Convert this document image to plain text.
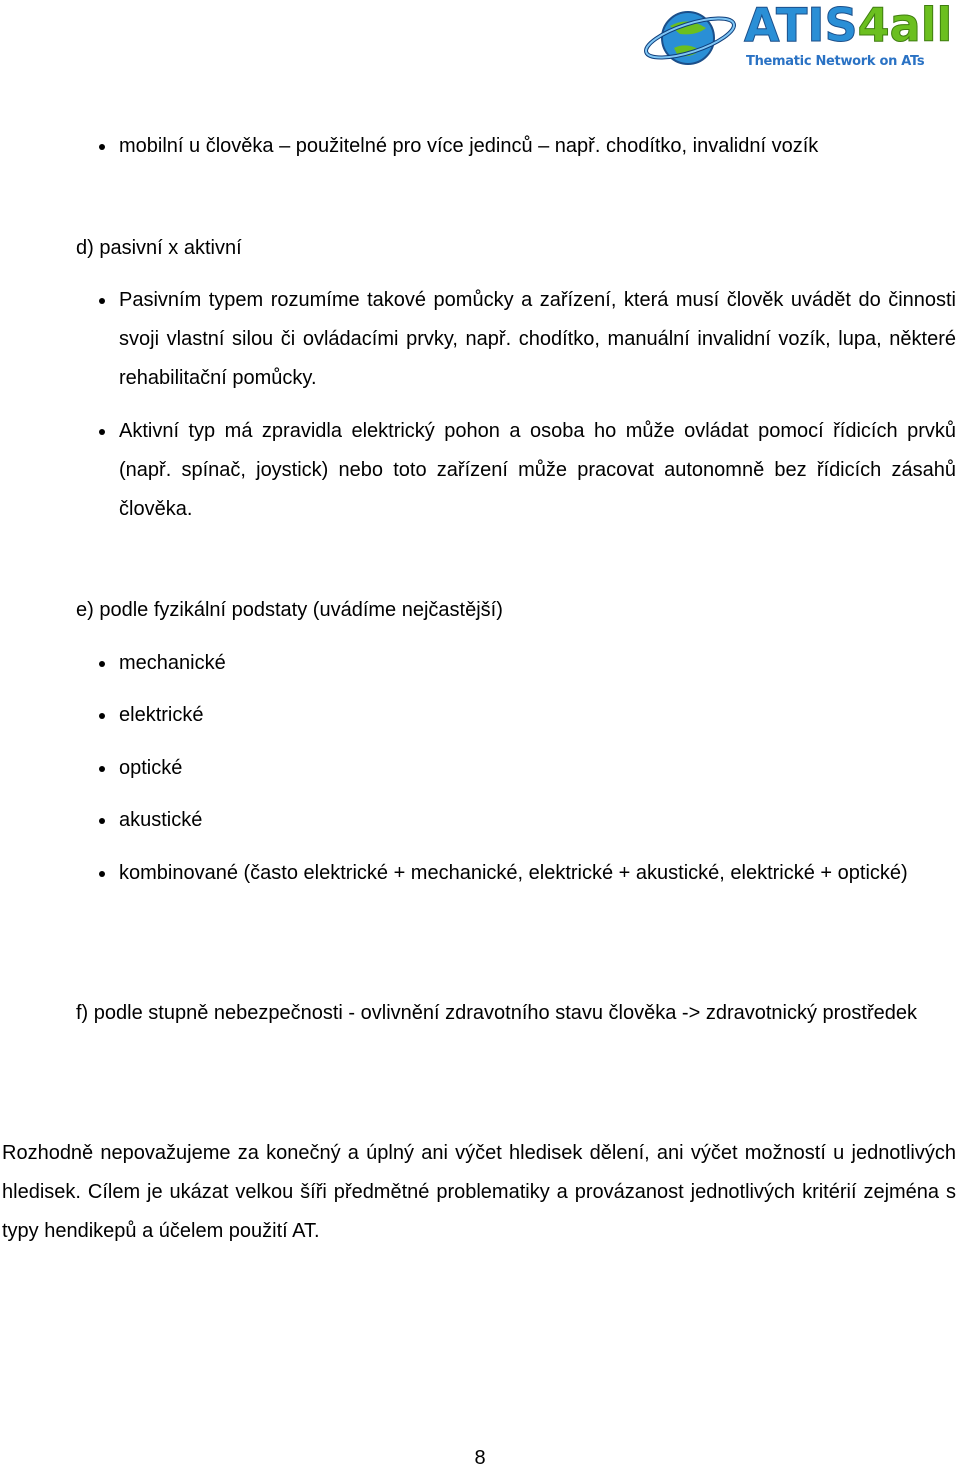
ATIS4all
Thematic Network on ATs
mobilní u člověka – použitelné pro více jedinců – např. chodítko, invalidní vozík
d) pasivní x aktivní
Pasivním typem rozumíme takové pomůcky a zařízení, která musí člověk uvádět do činnosti svoji vlastní silou či ovládacími prvky, např. chodítko, manuální invalidní vozík, lupa, některé rehabilitační pomůcky.
Aktivní typ má zpravidla elektrický pohon a osoba ho může ovládat pomocí řídicích prvků (např. spínač, joystick) nebo toto zařízení může pracovat autonomně bez řídicích zásahů člověka.
e) podle fyzikální podstaty (uvádíme nejčastější)
mechanické
elektrické
optické
akustické
kombinované (často elektrické + mechanické, elektrické + akustické, elektrické + optické)
f) podle stupně nebezpečnosti - ovlivnění zdravotního stavu člověka -> zdravotnický prostředek
Rozhodně nepovažujeme za konečný a úplný ani výčet hledisek dělení, ani výčet možností u jednotlivých hledisek. Cílem je ukázat velkou šíři předmětné problematiky a provázanost jednotlivých kritérií zejména s typy hendikepů a účelem použití AT.
8
